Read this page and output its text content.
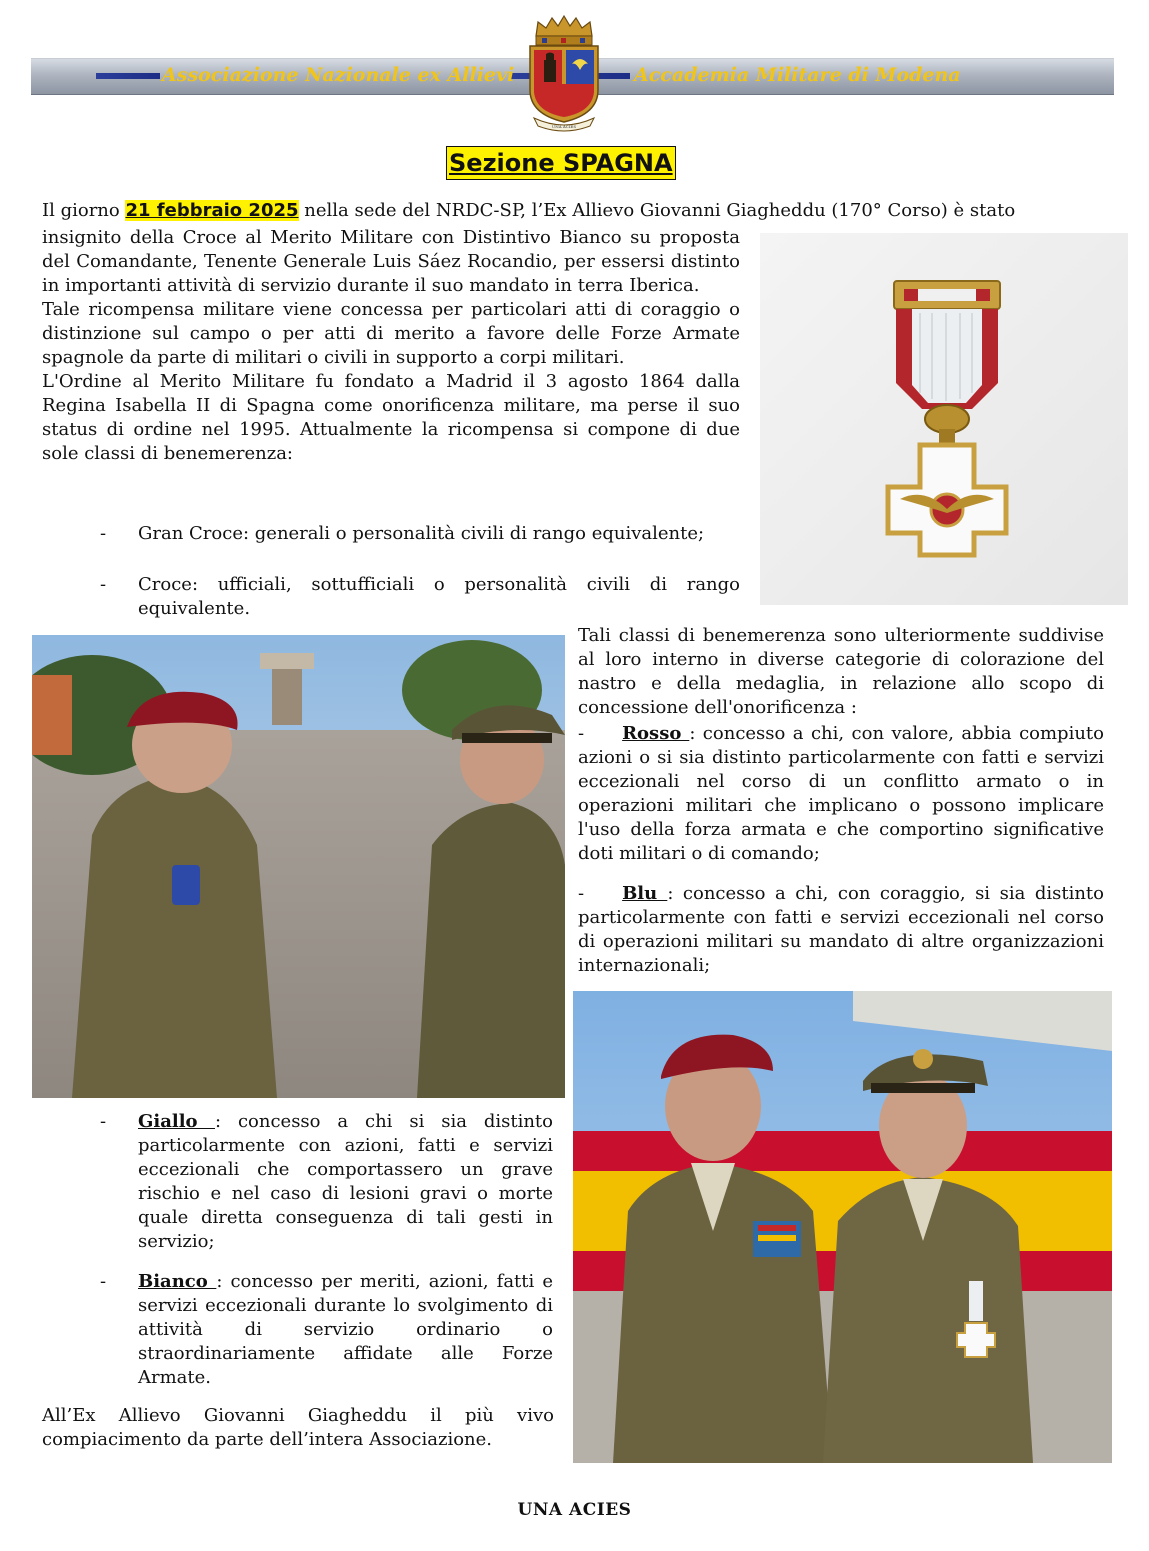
Associazione Nazionale ex Allievi	Accademia Militare di Modena
UNA ACIES
Sezione SPAGNA
Il giorno 21 febbraio 2025 nella sede del NRDC-SP, l’Ex Allievo Giovanni Giagheddu (170° Corso) è stato
insignito della Croce al Merito Militare con Distintivo Bianco su proposta del Comandante, Tenente Generale Luis Sáez Rocandio, per essersi distinto in importanti attività di servizio durante il suo mandato in terra Iberica.
Tale ricompensa militare viene concessa per particolari atti di coraggio o distinzione sul campo o per atti di merito a favore delle Forze Armate spagnole da parte di militari o civili in supporto a corpi militari.
L'Ordine al Merito Militare fu fondato a Madrid il 3 agosto 1864 dalla Regina Isabella II di Spagna come onorificenza militare, ma perse il suo status di ordine nel 1995. Attualmente la ricompensa si compone di due sole classi di benemerenza:
- Gran Croce: generali o personalità civili di rango equivalente;
- Croce: ufficiali, sottufficiali o personalità civili di rango equivalente.
Tali classi di benemerenza sono ulteriormente suddivise al loro interno in diverse categorie di colorazione del nastro e della medaglia, in relazione allo scopo di concessione dell'onorificenza :
- Rosso : concesso a chi, con valore, abbia compiuto azioni o si sia distinto particolarmente con fatti e servizi eccezionali nel corso di un conflitto armato o in operazioni militari che implicano o possono implicare l'uso della forza armata e che comportino significative doti militari o di comando;
- Blu : concesso a chi, con coraggio, si sia distinto particolarmente con fatti e servizi eccezionali nel corso di operazioni militari su mandato di altre organizzazioni internazionali;
- Giallo : concesso a chi si sia distinto particolarmente con azioni, fatti e servizi eccezionali che comportassero un grave rischio e nel caso di lesioni gravi o morte quale diretta conseguenza di tali gesti in servizio;
- Bianco : concesso per meriti, azioni, fatti e servizi eccezionali durante lo svolgimento di attività di servizio ordinario o straordinariamente affidate alle Forze Armate.
All’Ex Allievo Giovanni Giagheddu il più vivo compiacimento da parte dell’intera Associazione.
UNA ACIES
